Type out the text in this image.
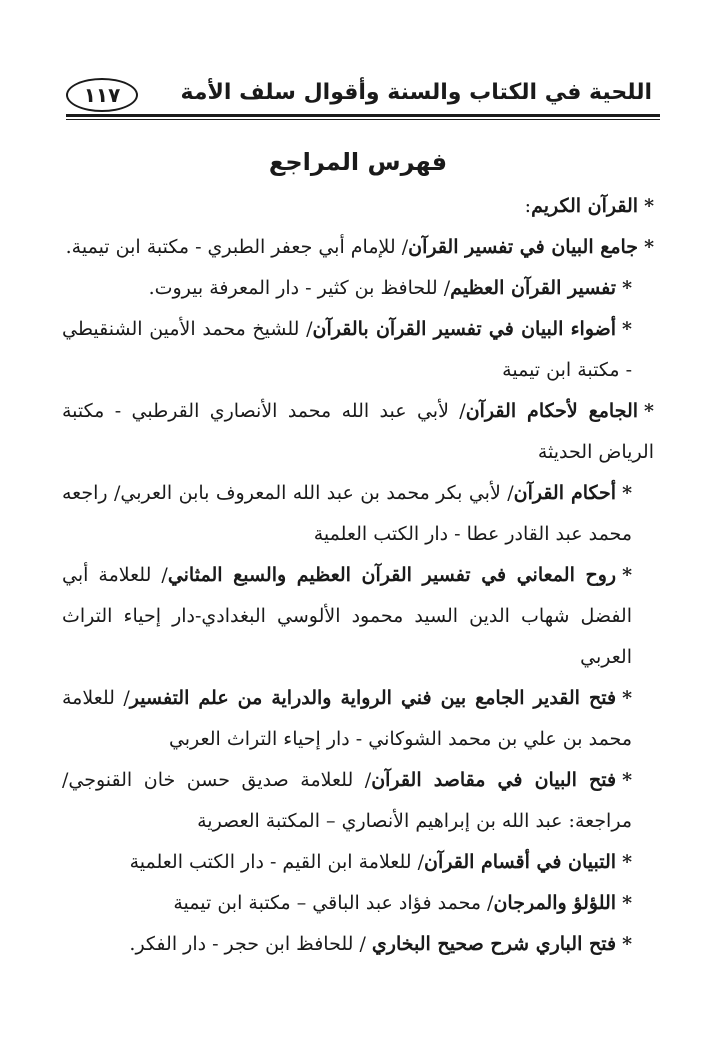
اللحية في الكتاب والسنة وأقوال سلف الأمة
١١٧
فهرس المراجع

*القرآن الكريم:

*جامع البيان في تفسير القرآن/ للإمام أبي جعفر الطبري - مكتبة ابن تيمية.

*تفسير القرآن العظيم/ للحافظ بن كثير - دار المعرفة بيروت.

*أضواء البيان في تفسير القرآن بالقرآن/ للشيخ محمد الأمين الشنقيطي - مكتبة ابن تيمية

*الجامع لأحكام القرآن/ لأبي عبد الله محمد الأنصاري القرطبي - مكتبة الرياض الحديثة

*أحكام القرآن/ لأبي بكر محمد بن عبد الله المعروف بابن العربي/ راجعه محمد عبد القادر عطا - دار الكتب العلمية

*روح المعاني في تفسير القرآن العظيم والسبع المثاني/ للعلامة أبي الفضل شهاب الدين السيد محمود الألوسي البغدادي-دار إحياء التراث العربي

*فتح القدير الجامع بين فني الرواية والدراية من علم التفسير/ للعلامة محمد بن علي بن محمد الشوكاني - دار إحياء التراث العربي

*فتح البيان في مقاصد القرآن/ للعلامة صديق حسن خان القنوجي/ مراجعة: عبد الله بن إبراهيم الأنصاري – المكتبة العصرية

*التبيان في أقسام القرآن/ للعلامة ابن القيم - دار الكتب العلمية

*اللؤلؤ والمرجان/ محمد فؤاد عبد الباقي – مكتبة ابن تيمية

*فتح الباري شرح صحيح البخاري / للحافظ ابن حجر - دار الفكر.
